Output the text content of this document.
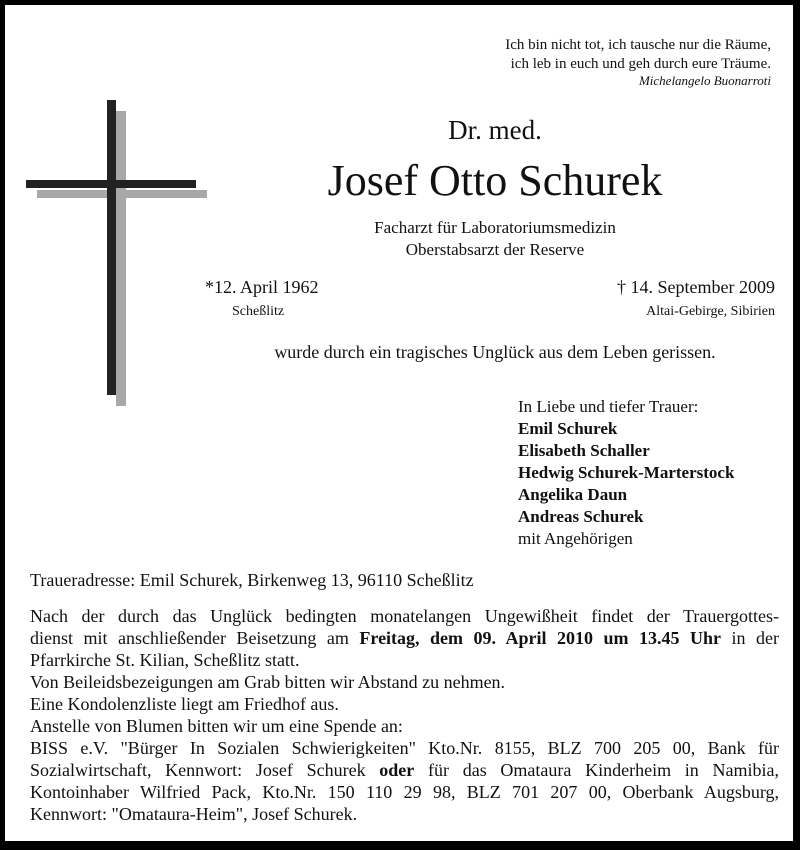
Ich bin nicht tot, ich tausche nur die Räume,
ich leb in euch und geh durch eure Träume.
Michelangelo Buonarroti
Dr. med.
Josef Otto Schurek
Facharzt für Laboratoriumsmedizin
Oberstabsarzt der Reserve
*12. April 1962
Scheßlitz
† 14. September 2009
Altai-Gebirge, Sibirien
wurde durch ein tragisches Unglück aus dem Leben gerissen.
In Liebe und tiefer Trauer:
Emil Schurek
Elisabeth Schaller
Hedwig Schurek-Marterstock
Angelika Daun
Andreas Schurek
mit Angehörigen
Traueradresse: Emil Schurek, Birkenweg 13, 96110 Scheßlitz
Nach der durch das Unglück bedingten monatelangen Ungewißheit findet der Trauergottes-
dienst mit anschließender Beisetzung am Freitag, dem 09. April 2010 um 13.45 Uhr in der
Pfarrkirche St. Kilian, Scheßlitz statt.
Von Beileidsbezeigungen am Grab bitten wir Abstand zu nehmen.
Eine Kondolenzliste liegt am Friedhof aus.
Anstelle von Blumen bitten wir um eine Spende an:
BISS e.V. "Bürger In Sozialen Schwierigkeiten" Kto.Nr. 8155, BLZ 700 205 00, Bank für
Sozialwirtschaft, Kennwort: Josef Schurek oder für das Omataura Kinderheim in Namibia,
Kontoinhaber Wilfried Pack, Kto.Nr. 150 110 29 98, BLZ 701 207 00, Oberbank Augsburg,
Kennwort: "Omataura-Heim", Josef Schurek.
